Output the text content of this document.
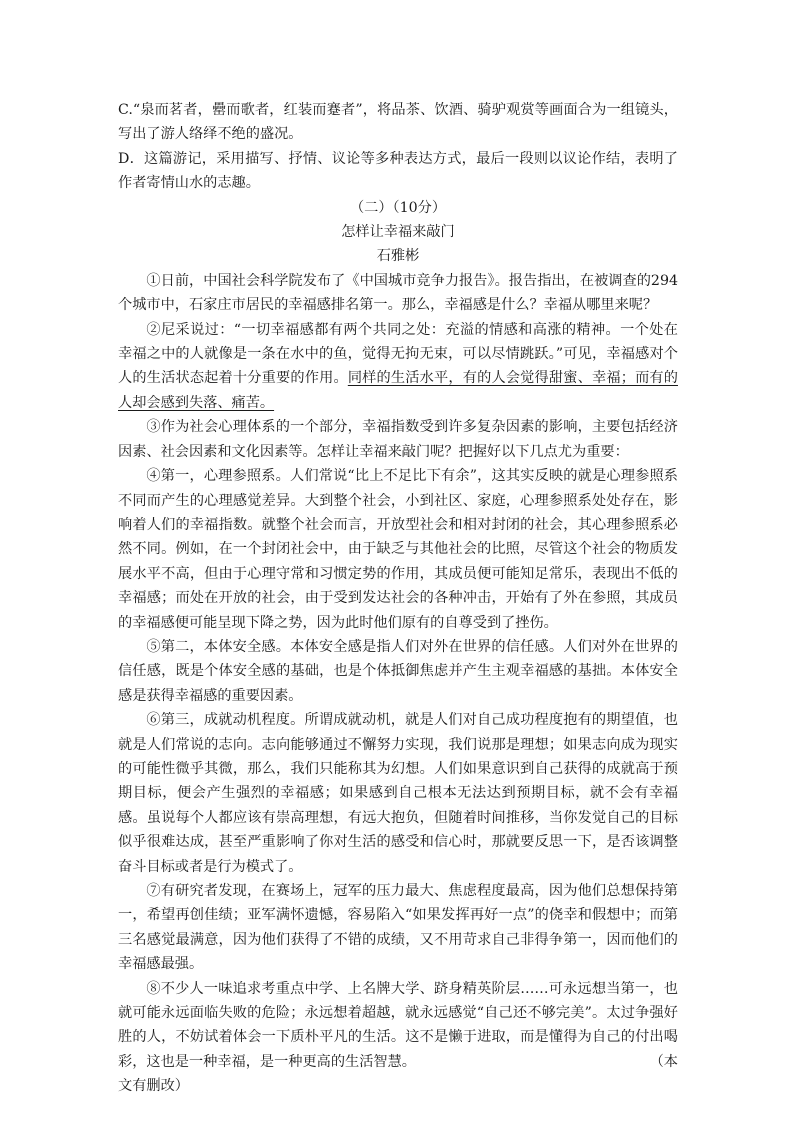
C.“泉而茗者，罍而歌者，红装而蹇者”，将品茶、饮酒、骑驴观赏等画面合为一组镜头，写出了游人络绎不绝的盛况。

D．这篇游记，采用描写、抒情、议论等多种表达方式，最后一段则以议论作结，表明了作者寄情山水的志趣。

（二）（10分）

怎样让幸福来敲门

石雅彬

①日前，中国社会科学院发布了《中国城市竞争力报告》。报告指出，在被调查的294个城市中，石家庄市居民的幸福感排名第一。那么，幸福感是什么？幸福从哪里来呢？

②尼采说过：“一切幸福感都有两个共同之处：充溢的情感和高涨的精神。一个处在幸福之中的人就像是一条在水中的鱼，觉得无拘无束，可以尽情跳跃。”可见，幸福感对个人的生活状态起着十分重要的作用。同样的生活水平，有的人会觉得甜蜜、幸福；而有的人却会感到失落、痛苦。

③作为社会心理体系的一个部分，幸福指数受到许多复杂因素的影响，主要包括经济因素、社会因素和文化因素等。怎样让幸福来敲门呢？把握好以下几点尤为重要：

④第一，心理参照系。人们常说“比上不足比下有余”，这其实反映的就是心理参照系不同而产生的心理感觉差异。大到整个社会，小到社区、家庭，心理参照系处处存在，影响着人们的幸福指数。就整个社会而言，开放型社会和相对封闭的社会，其心理参照系必然不同。例如，在一个封闭社会中，由于缺乏与其他社会的比照，尽管这个社会的物质发展水平不高，但由于心理守常和习惯定势的作用，其成员便可能知足常乐，表现出不低的幸福感；而处在开放的社会，由于受到发达社会的各种冲击，开始有了外在参照，其成员的幸福感便可能呈现下降之势，因为此时他们原有的自尊受到了挫伤。

⑤第二，本体安全感。本体安全感是指人们对外在世界的信任感。人们对外在世界的信任感，既是个体安全感的基础，也是个体抵御焦虑并产生主观幸福感的基拙。本体安全感是获得幸福感的重要因素。

⑥第三，成就动机程度。所谓成就动机，就是人们对自己成功程度抱有的期望值，也就是人们常说的志向。志向能够通过不懈努力实现，我们说那是理想；如果志向成为现实的可能性微乎其微，那么，我们只能称其为幻想。人们如果意识到自己获得的成就高于预期目标，便会产生强烈的幸福感；如果感到自己根本无法达到预期目标，就不会有幸福感。虽说每个人都应该有崇高理想，有远大抱负，但随着时间推移，当你发觉自己的目标似乎很难达成，甚至严重影响了你对生活的感受和信心时，那就要反思一下，是否该调整奋斗目标或者是行为模式了。

⑦有研究者发现，在赛场上，冠军的压力最大、焦虑程度最高，因为他们总想保持第一，希望再创佳绩；亚军满怀遗憾，容易陷入“如果发挥再好一点”的侥幸和假想中；而第三名感觉最满意，因为他们获得了不错的成绩，又不用苛求自己非得争第一，因而他们的幸福感最强。

⑧不少人一味追求考重点中学、上名牌大学、跻身精英阶层……可永远想当第一，也就可能永远面临失败的危险；永远想着超越，就永远感觉“自己还不够完美”。太过争强好胜的人，不妨试着体会一下质朴平凡的生活。这不是懒于进取，而是懂得为自己的付出喝彩，这也是一种幸福，是一种更高的生活智慧。	（本

文有删改）
